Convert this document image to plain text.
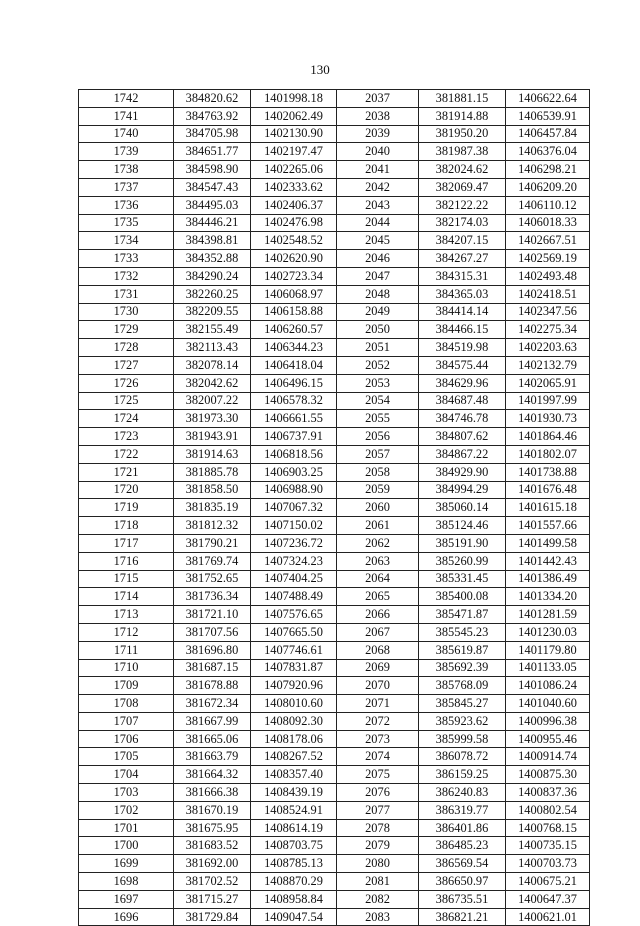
130
1742	384820.62	1401998.18	2037	381881.15	1406622.64
1741	384763.92	1402062.49	2038	381914.88	1406539.91
1740	384705.98	1402130.90	2039	381950.20	1406457.84
1739	384651.77	1402197.47	2040	381987.38	1406376.04
1738	384598.90	1402265.06	2041	382024.62	1406298.21
1737	384547.43	1402333.62	2042	382069.47	1406209.20
1736	384495.03	1402406.37	2043	382122.22	1406110.12
1735	384446.21	1402476.98	2044	382174.03	1406018.33
1734	384398.81	1402548.52	2045	384207.15	1402667.51
1733	384352.88	1402620.90	2046	384267.27	1402569.19
1732	384290.24	1402723.34	2047	384315.31	1402493.48
1731	382260.25	1406068.97	2048	384365.03	1402418.51
1730	382209.55	1406158.88	2049	384414.14	1402347.56
1729	382155.49	1406260.57	2050	384466.15	1402275.34
1728	382113.43	1406344.23	2051	384519.98	1402203.63
1727	382078.14	1406418.04	2052	384575.44	1402132.79
1726	382042.62	1406496.15	2053	384629.96	1402065.91
1725	382007.22	1406578.32	2054	384687.48	1401997.99
1724	381973.30	1406661.55	2055	384746.78	1401930.73
1723	381943.91	1406737.91	2056	384807.62	1401864.46
1722	381914.63	1406818.56	2057	384867.22	1401802.07
1721	381885.78	1406903.25	2058	384929.90	1401738.88
1720	381858.50	1406988.90	2059	384994.29	1401676.48
1719	381835.19	1407067.32	2060	385060.14	1401615.18
1718	381812.32	1407150.02	2061	385124.46	1401557.66
1717	381790.21	1407236.72	2062	385191.90	1401499.58
1716	381769.74	1407324.23	2063	385260.99	1401442.43
1715	381752.65	1407404.25	2064	385331.45	1401386.49
1714	381736.34	1407488.49	2065	385400.08	1401334.20
1713	381721.10	1407576.65	2066	385471.87	1401281.59
1712	381707.56	1407665.50	2067	385545.23	1401230.03
1711	381696.80	1407746.61	2068	385619.87	1401179.80
1710	381687.15	1407831.87	2069	385692.39	1401133.05
1709	381678.88	1407920.96	2070	385768.09	1401086.24
1708	381672.34	1408010.60	2071	385845.27	1401040.60
1707	381667.99	1408092.30	2072	385923.62	1400996.38
1706	381665.06	1408178.06	2073	385999.58	1400955.46
1705	381663.79	1408267.52	2074	386078.72	1400914.74
1704	381664.32	1408357.40	2075	386159.25	1400875.30
1703	381666.38	1408439.19	2076	386240.83	1400837.36
1702	381670.19	1408524.91	2077	386319.77	1400802.54
1701	381675.95	1408614.19	2078	386401.86	1400768.15
1700	381683.52	1408703.75	2079	386485.23	1400735.15
1699	381692.00	1408785.13	2080	386569.54	1400703.73
1698	381702.52	1408870.29	2081	386650.97	1400675.21
1697	381715.27	1408958.84	2082	386735.51	1400647.37
1696	381729.84	1409047.54	2083	386821.21	1400621.01
